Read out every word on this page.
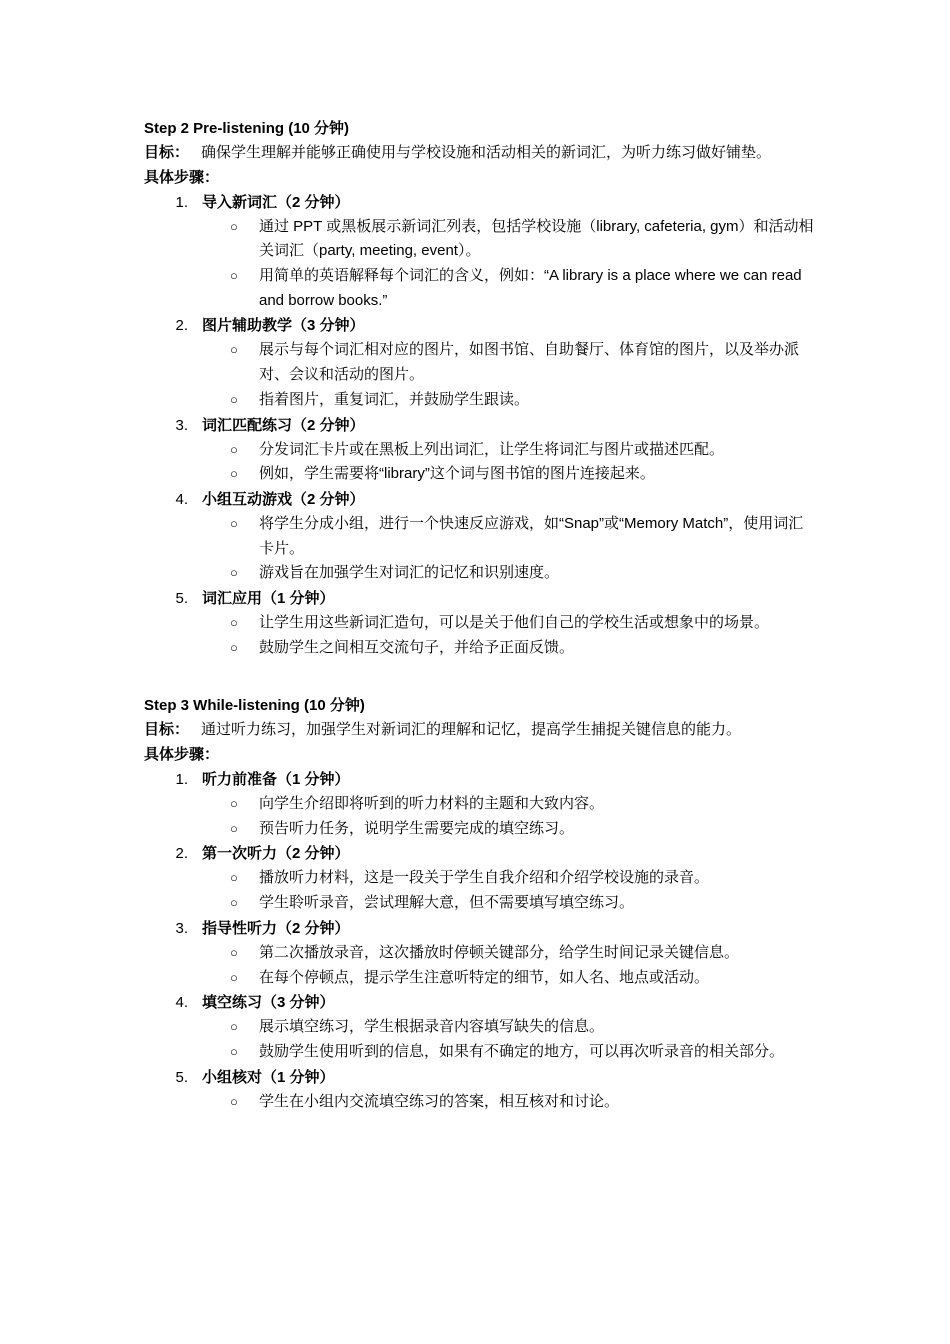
Step 2 Pre-listening (10 分钟)
目标： 确保学生理解并能够正确使用与学校设施和活动相关的新词汇，为听力练习做好铺垫。
具体步骤：
1 . 导入新词汇（2 分钟）
○ 通过 PPT 或黑板展示新词汇列表，包括学校设施（library, cafeteria, gym）和活动相关词汇（party, meeting, event）。
○ 用简单的英语解释每个词汇的含义，例如：“A library is a place where we can read and borrow books.”
2 . 图片辅助教学（3 分钟）
○ 展示与每个词汇相对应的图片，如图书馆、自助餐厅、体育馆的图片，以及举办派对、会议和活动的图片。
○ 指着图片，重复词汇，并鼓励学生跟读。
3 . 词汇匹配练习（2 分钟）
○ 分发词汇卡片或在黑板上列出词汇，让学生将词汇与图片或描述匹配。
○ 例如，学生需要将“library”这个词与图书馆的图片连接起来。
4 . 小组互动游戏（2 分钟）
○ 将学生分成小组，进行一个快速反应游戏，如“Snap”或“Memory Match”，使用词汇卡片。
○ 游戏旨在加强学生对词汇的记忆和识别速度。
5 . 词汇应用（1 分钟）
○ 让学生用这些新词汇造句，可以是关于他们自己的学校生活或想象中的场景。
○ 鼓励学生之间相互交流句子，并给予正面反馈。
Step 3 While-listening (10 分钟)
目标： 通过听力练习，加强学生对新词汇的理解和记忆，提高学生捕捉关键信息的能力。
具体步骤：
1 . 听力前准备（1 分钟）
○ 向学生介绍即将听到的听力材料的主题和大致内容。
○ 预告听力任务，说明学生需要完成的填空练习。
2 . 第一次听力（2 分钟）
○ 播放听力材料，这是一段关于学生自我介绍和介绍学校设施的录音。
○ 学生聆听录音，尝试理解大意，但不需要填写填空练习。
3 . 指导性听力（2 分钟）
○ 第二次播放录音，这次播放时停顿关键部分，给学生时间记录关键信息。
○ 在每个停顿点，提示学生注意听特定的细节，如人名、地点或活动。
4 . 填空练习（3 分钟）
○ 展示填空练习，学生根据录音内容填写缺失的信息。
○ 鼓励学生使用听到的信息，如果有不确定的地方，可以再次听录音的相关部分。
5 . 小组核对（1 分钟）
○ 学生在小组内交流填空练习的答案，相互核对和讨论。
